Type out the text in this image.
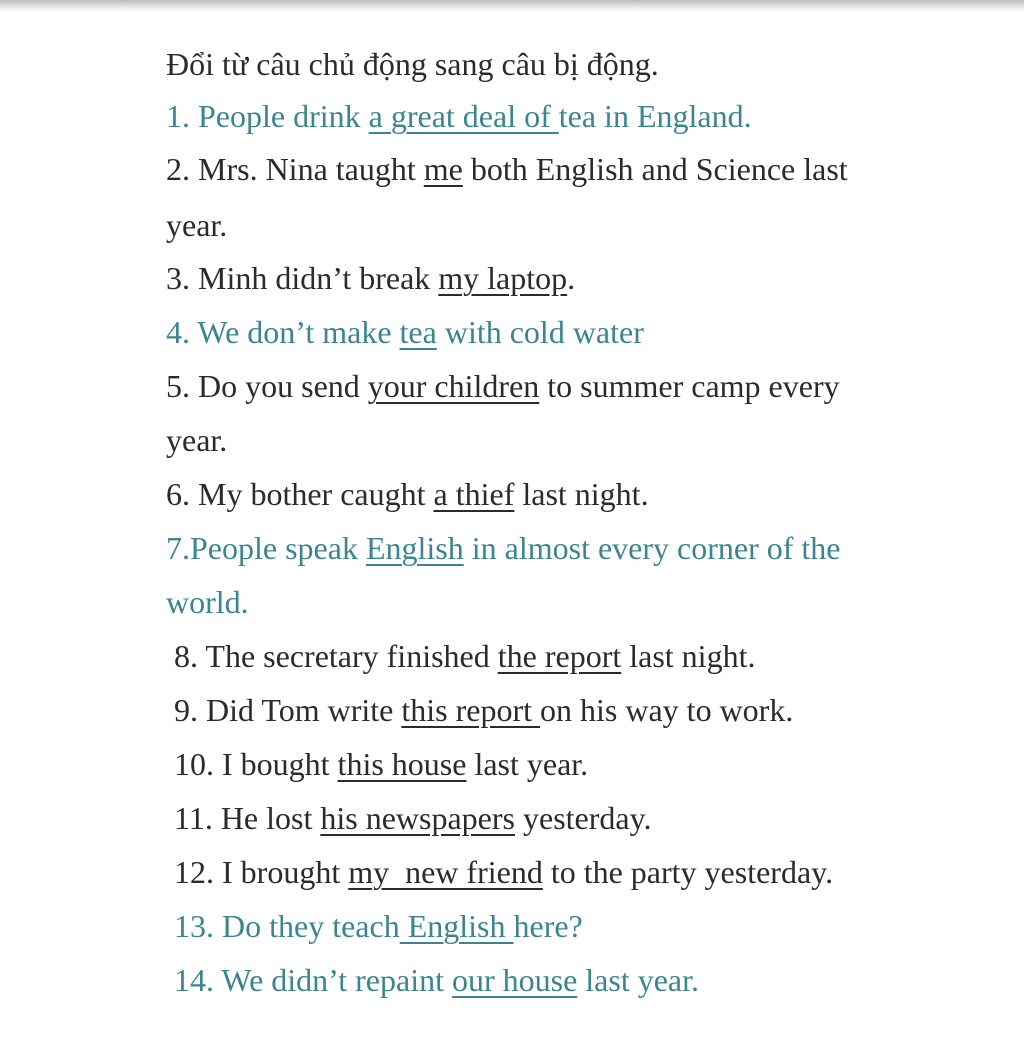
Đổi từ câu chủ động sang câu bị động.
1. People drink a great deal of tea in England.
2. Mrs. Nina taught me both English and Science last
year.
3. Minh didn’t break my laptop.
4. We don’t make tea with cold water
5. Do you send your children to summer camp every
year.
6. My bother caught a thief last night.
7.People speak English in almost every corner of the
world.
8. The secretary finished the report last night.
9. Did Tom write this report on his way to work.
10. I bought this house last year.
11. He lost his newspapers yesterday.
12. I brought my  new friend to the party yesterday.
13. Do they teach English here?
14. We didn’t repaint our house last year.
